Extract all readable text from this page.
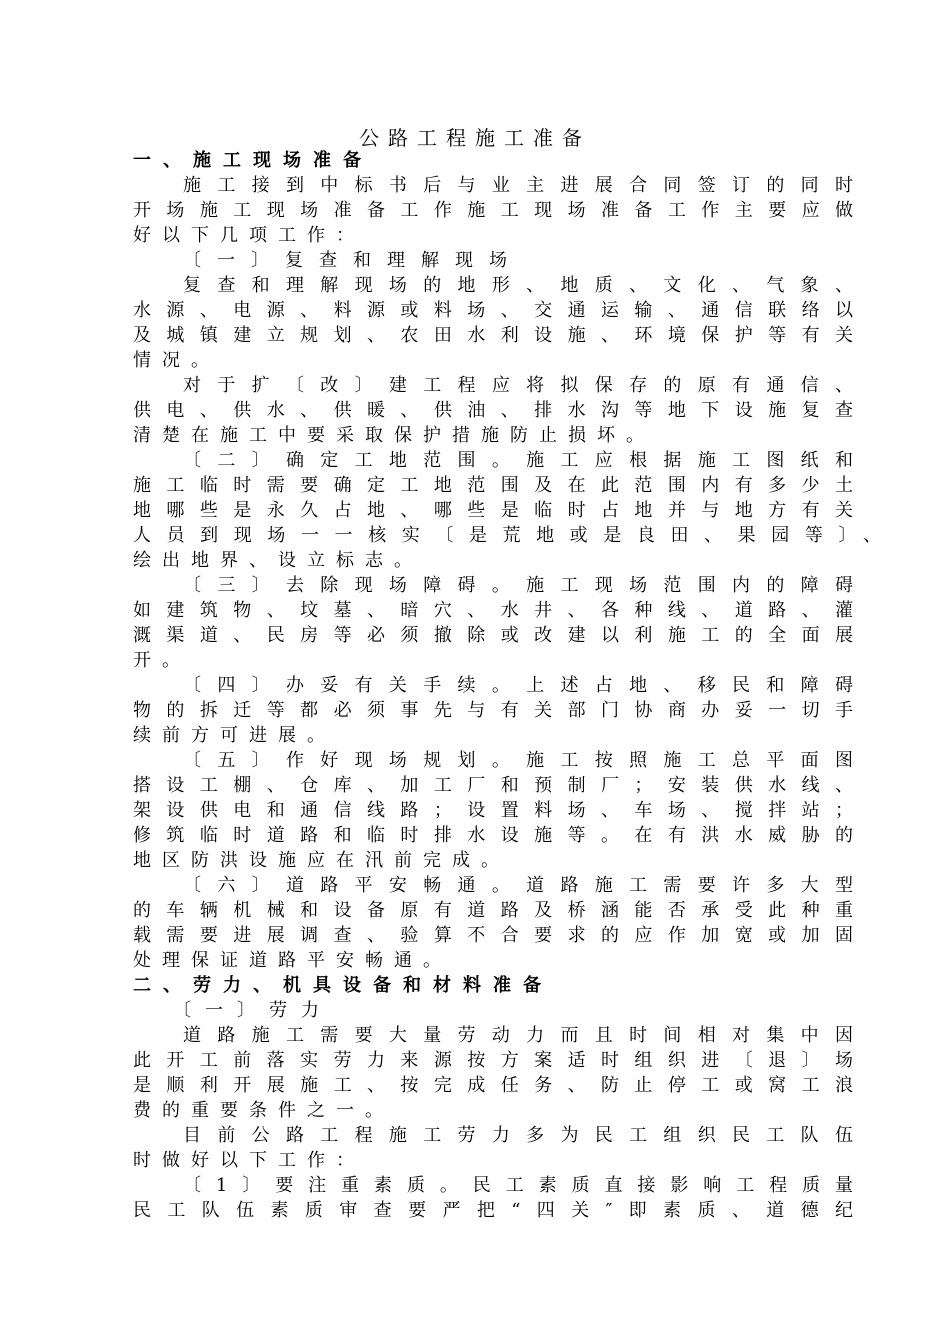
公路工程施工准备
一、施工现场准备
施工接到中标书后与业主进展合同签订的同时
开场施工现场准备工作施工现场准备工作主要应做
好以下几项工作：
〔一〕复查和理解现场
复查和理解现场的地形、地质、文化、气象、
水源、电源、料源或料场、交通运输、通信联络以
及城镇建立规划、农田水利设施、环境保护等有关
情况。
对于扩〔改〕建工程应将拟保存的原有通信、
供电、供水、供暖、供油、排水沟等地下设施复查
清楚在施工中要采取保护措施防止损坏。
〔二〕确定工地范围。施工应根据施工图纸和
施工临时需要确定工地范围及在此范围内有多少土
地哪些是永久占地、哪些是临时占地并与地方有关
人员到现场一一核实〔是荒地或是良田、果园等〕、
绘出地界、设立标志。
〔三〕去除现场障碍。施工现场范围内的障碍
如建筑物、坟墓、暗穴、水井、各种线、道路、灌
溉渠道、民房等必须撤除或改建以利施工的全面展
开。
〔四〕办妥有关手续。上述占地、移民和障碍
物的拆迁等都必须事先与有关部门协商办妥一切手
续前方可进展。
〔五〕作好现场规划。施工按照施工总平面图
搭设工棚、仓库、加工厂和预制厂；安装供水线、
架设供电和通信线路；设置料场、车场、搅拌站；
修筑临时道路和临时排水设施等。在有洪水威胁的
地区防洪设施应在汛前完成。
〔六〕道路平安畅通。道路施工需要许多大型
的车辆机械和设备原有道路及桥涵能否承受此种重
载需要进展调查、验算不合要求的应作加宽或加固
处理保证道路平安畅通。
二、劳力、机具设备和材料准备
〔一〕劳力
道路施工需要大量劳动力而且时间相对集中因
此开工前落实劳力来源按方案适时组织进〔退〕场
是顺利开展施工、按完成任务、防止停工或窝工浪
费的重要条件之一。
目前公路工程施工劳力多为民工组织民工队伍
时做好以下工作：
〔1〕要注重素质。民工素质直接影响工程质量
民工队伍素质审查要严把“四关″即素质、道德纪
